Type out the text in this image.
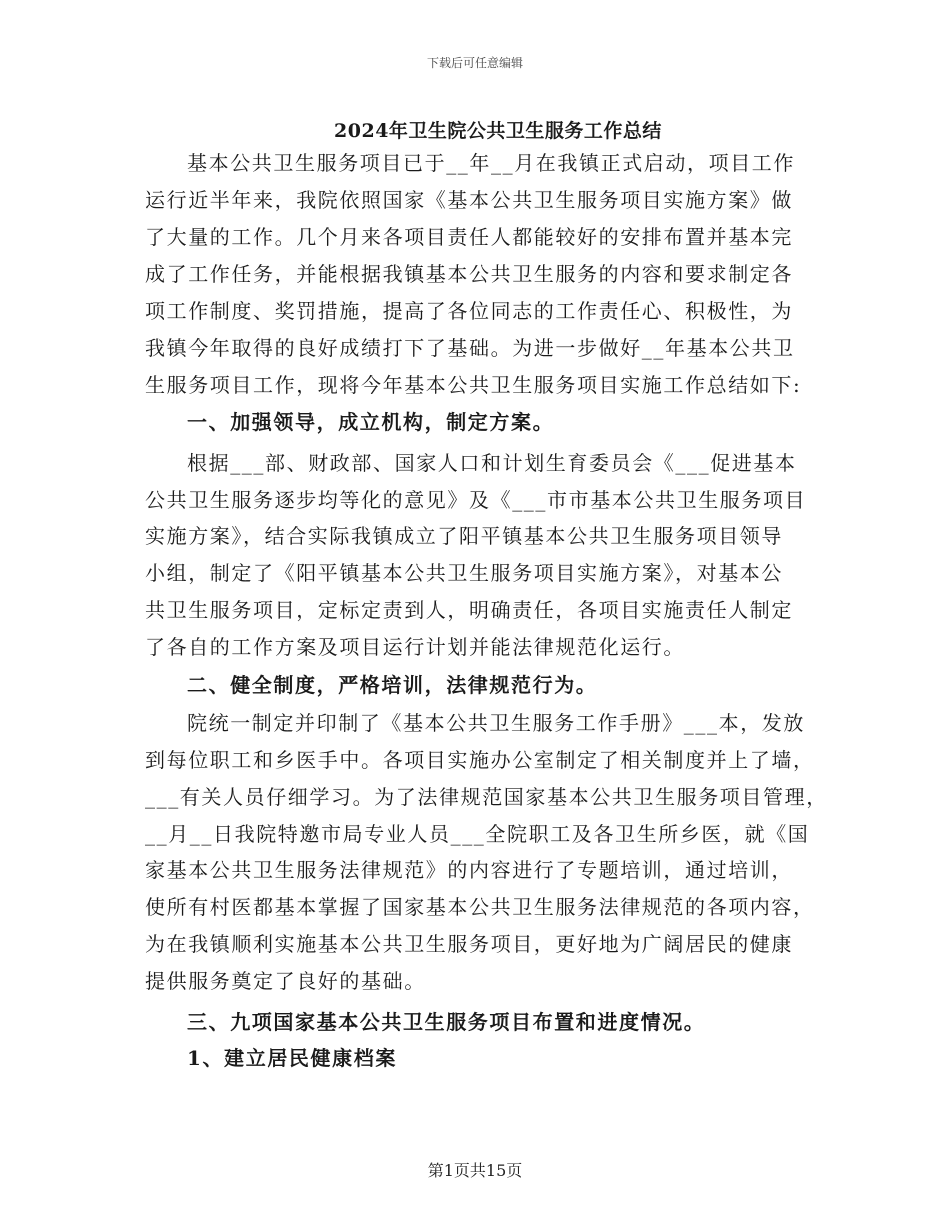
下载后可任意编辑
2024年卫生院公共卫生服务工作总结
基本公共卫生服务项目已于__年__月在我镇正式启动，项目工作
运行近半年来，我院依照国家《基本公共卫生服务项目实施方案》做
了大量的工作。几个月来各项目责任人都能较好的安排布置并基本完
成了工作任务，并能根据我镇基本公共卫生服务的内容和要求制定各
项工作制度、奖罚措施，提高了各位同志的工作责任心、积极性，为
我镇今年取得的良好成绩打下了基础。为进一步做好__年基本公共卫
生服务项目工作，现将今年基本公共卫生服务项目实施工作总结如下:
一、加强领导，成立机构，制定方案。
根据___部、财政部、国家人口和计划生育委员会《___促进基本
公共卫生服务逐步均等化的意见》及《___市市基本公共卫生服务项目
实施方案》，结合实际我镇成立了阳平镇基本公共卫生服务项目领导
小组，制定了《阳平镇基本公共卫生服务项目实施方案》，对基本公
共卫生服务项目，定标定责到人，明确责任，各项目实施责任人制定
了各自的工作方案及项目运行计划并能法律规范化运行。
二、健全制度，严格培训，法律规范行为。
院统一制定并印制了《基本公共卫生服务工作手册》___本，发放
到每位职工和乡医手中。各项目实施办公室制定了相关制度并上了墙，
___有关人员仔细学习。为了法律规范国家基本公共卫生服务项目管理，
__月__日我院特邀市局专业人员___全院职工及各卫生所乡医，就《国
家基本公共卫生服务法律规范》的内容进行了专题培训，通过培训，
使所有村医都基本掌握了国家基本公共卫生服务法律规范的各项内容，
为在我镇顺利实施基本公共卫生服务项目，更好地为广阔居民的健康
提供服务奠定了良好的基础。
三、九项国家基本公共卫生服务项目布置和进度情况。
1、建立居民健康档案
第1页共15页
